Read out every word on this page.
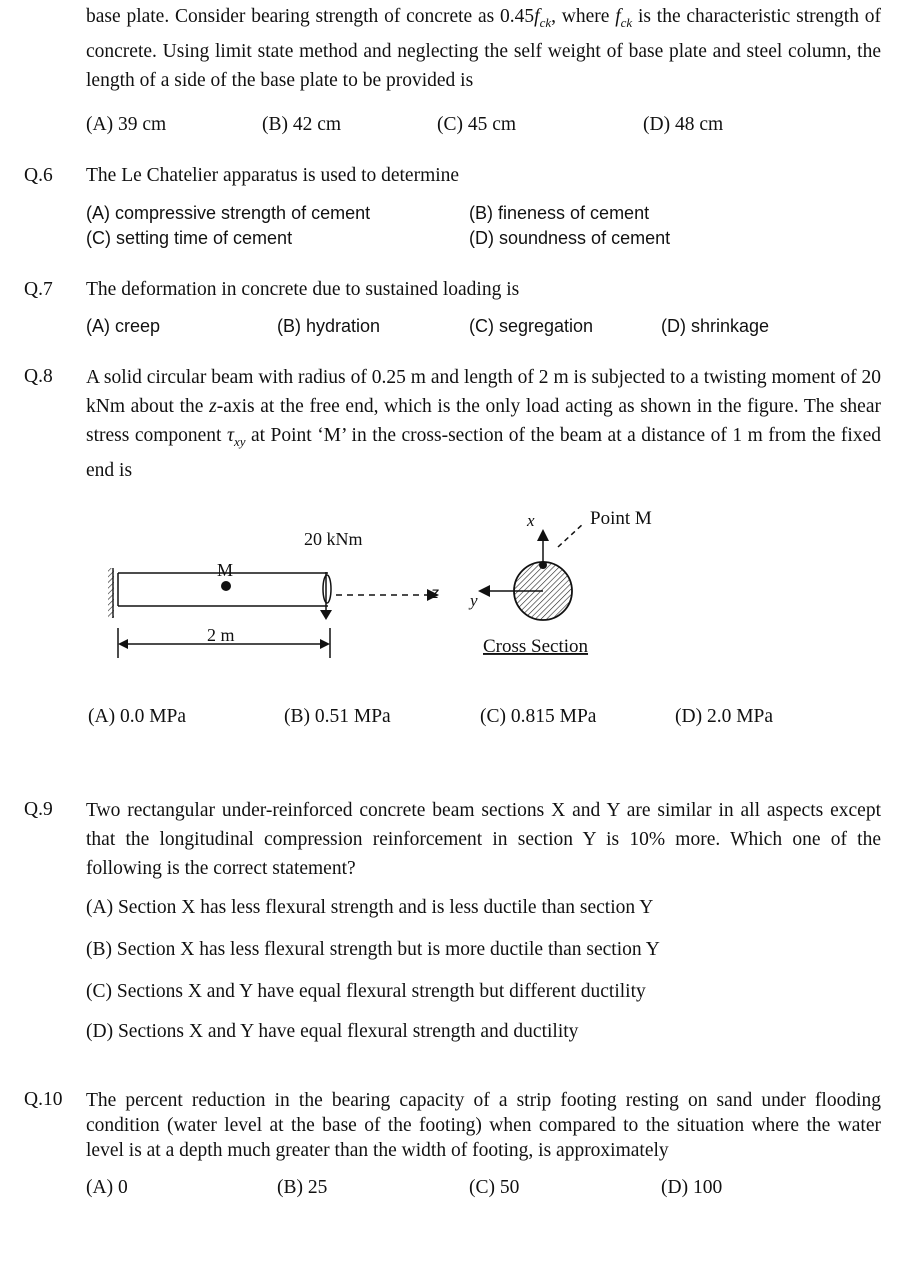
base plate. Consider bearing strength of concrete as $0.45f_{ck}$, where $f_{ck}$ is the characteristic strength of concrete. Using limit state method and neglecting the self weight of base plate and steel column, the length of a side of the base plate to be provided is
(A) 39 cm	(B) 42 cm	(C) 45 cm	(D) 48 cm
Q.6 The Le Chatelier apparatus is used to determine
(A) compressive strength of cement	(B) fineness of cement
(C) setting time of cement	(D) soundness of cement
Q.7 The deformation in concrete due to sustained loading is
(A) creep	(B) hydration	(C) segregation	(D) shrinkage
Q.8 A solid circular beam with radius of 0.25 m and length of 2 m is subjected to a twisting moment of 20 kNm about the z-axis at the free end, which is the only load acting as shown in the figure. The shear stress component $\tau_{xy}$ at Point ‘M’ in the cross-section of the beam at a distance of 1 m from the fixed end is
20 kNm
M
2 m
z
x
y
Point M
Cross Section
(A) 0.0 MPa	(B) 0.51 MPa	(C) 0.815 MPa	(D) 2.0 MPa
Q.9 Two rectangular under-reinforced concrete beam sections X and Y are similar in all aspects except that the longitudinal compression reinforcement in section Y is 10% more. Which one of the following is the correct statement?
(A) Section X has less flexural strength and is less ductile than section Y
(B) Section X has less flexural strength but is more ductile than section Y
(C) Sections X and Y have equal flexural strength but different ductility
(D) Sections X and Y have equal flexural strength and ductility
Q.10 The percent reduction in the bearing capacity of a strip footing resting on sand under flooding condition (water level at the base of the footing) when compared to the situation where the water level is at a depth much greater than the width of footing, is approximately
(A) 0	(B) 25	(C) 50	(D) 100
